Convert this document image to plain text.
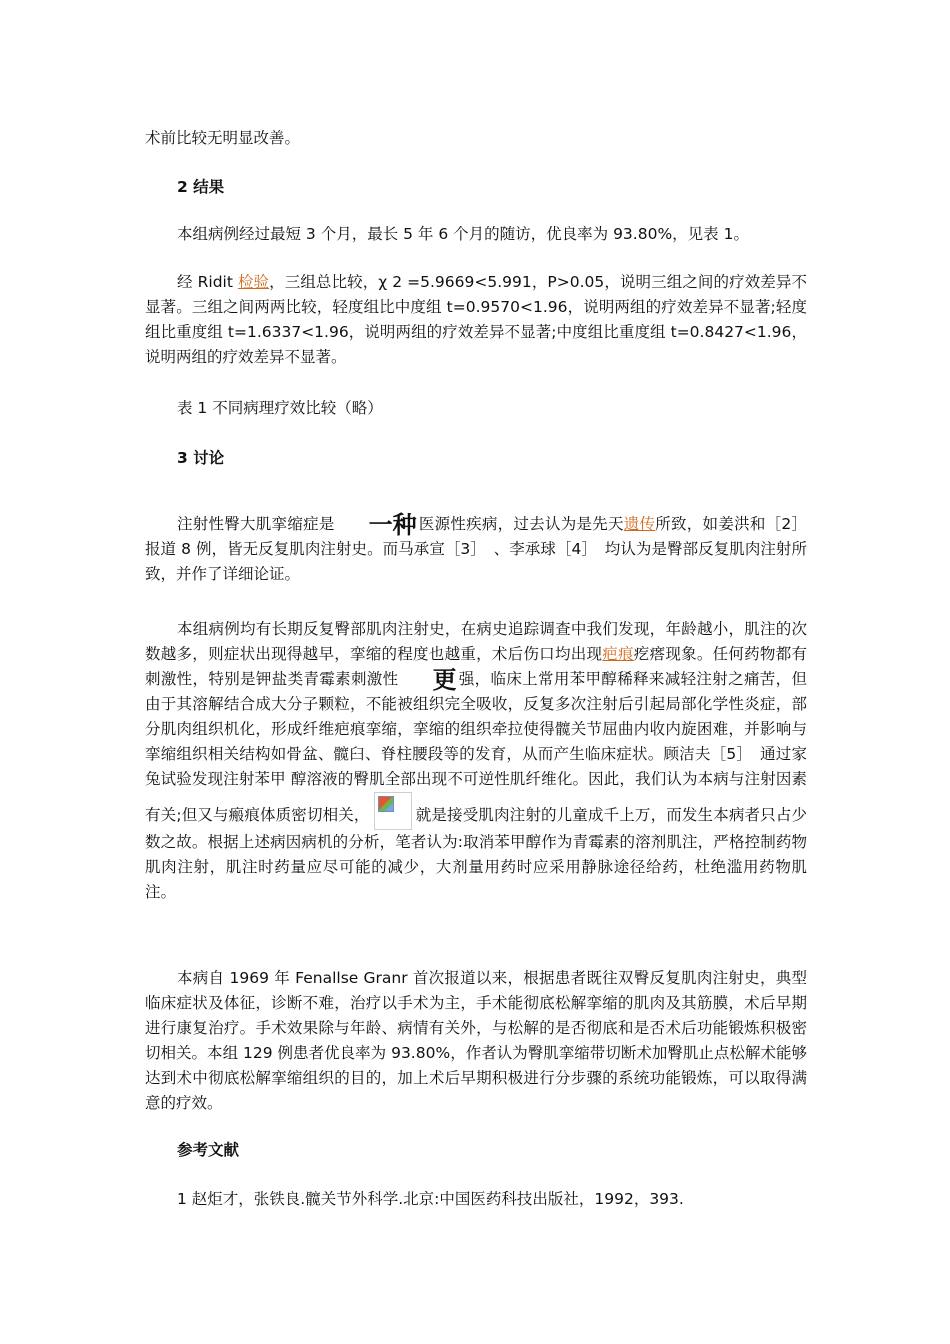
术前比较无明显改善。
2 结果
本组病例经过最短 3 个月，最长 5 年 6 个月的随访，优良率为 93.80%，见表 1。
经 Ridit 检验，三组总比较，χ 2 =5.9669<5.991，P>0.05，说明三组之间的疗效差异不显著。三组之间两两比较，轻度组比中度组 t=0.9570<1.96，说明两组的疗效差异不显著;轻度组比重度组 t=1.6337<1.96，说明两组的疗效差异不显著;中度组比重度组 t=0.8427<1.96，说明两组的疗效差异不显著。
表 1 不同病理疗效比较（略）
3 讨论
注射性臀大肌挛缩症是 一种 医源性疾病，过去认为是先天遗传所致，如姜洪和［2］报道 8 例，皆无反复肌肉注射史。而马承宣［3］　、李承球［4］　均认为是臀部反复肌肉注射所致，并作了详细论证。
本组病例均有长期反复臀部肌肉注射史，在病史追踪调查中我们发现，年龄越小，肌注的次数越多，则症状出现得越早，挛缩的程度也越重，术后伤口均出现疤痕疙瘩现象。任何药物都有刺激性，特别是钾盐类青霉素刺激性 更 强，临床上常用苯甲醇稀释来减轻注射之痛苦，但由于其溶解结合成大分子颗粒，不能被组织完全吸收，反复多次注射后引起局部化学性炎症，部分肌肉组织机化，形成纤维疤痕挛缩，挛缩的组织牵拉使得髋关节屈曲内收内旋困难，并影响与挛缩组织相关结构如骨盆、髋臼、脊柱腰段等的发育，从而产生临床症状。顾洁夫［5］　通过家兔试验发现注射苯甲 醇溶液的臀肌全部出现不可逆性肌纤维化。因此，我们认为本病与注射因素有关;但又与瘢痕体质密切相关，	就是接受肌肉注射的儿童成千上万，而发生本病者只占少数之故。根据上述病因病机的分析，笔者认为:取消苯甲醇作为青霉素的溶剂肌注，严格控制药物肌肉注射，肌注时药量应尽可能的减少，大剂量用药时应采用静脉途径给药，杜绝滥用药物肌注。
本病自 1969 年 Fenallse Granr 首次报道以来，根据患者既往双臀反复肌肉注射史，典型临床症状及体征，诊断不难，治疗以手术为主，手术能彻底松解挛缩的肌肉及其筋膜，术后早期进行康复治疗。手术效果除与年龄、病情有关外，与松解的是否彻底和是否术后功能锻炼积极密切相关。本组 129 例患者优良率为 93.80%，作者认为臀肌挛缩带切断术加臀肌止点松解术能够达到术中彻底松解挛缩组织的目的，加上术后早期积极进行分步骤的系统功能锻炼，可以取得满意的疗效。
参考文献
1 赵炬才，张铁良.髋关节外科学.北京:中国医药科技出版社，1992，393.
